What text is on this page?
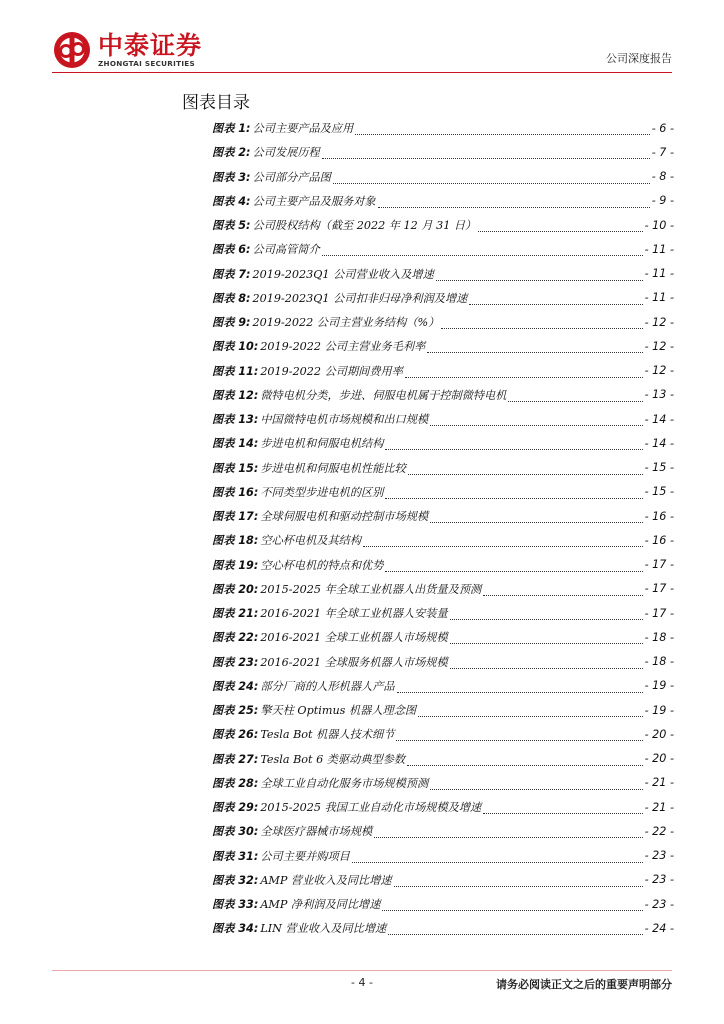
中泰证券
ZHONGTAI SECURITIES	公司深度报告
图表目录
图表 1: 公司主要产品及应用	- 6 -
图表 2: 公司发展历程	- 7 -
图表 3: 公司部分产品图	- 8 -
图表 4: 公司主要产品及服务对象	- 9 -
图表 5: 公司股权结构（截至 2022 年 12 月 31 日）	- 10 -
图表 6: 公司高管简介	- 11 -
图表 7: 2019-2023Q1 公司营业收入及增速	- 11 -
图表 8: 2019-2023Q1 公司扣非归母净利润及增速	- 11 -
图表 9: 2019-2022 公司主营业务结构（%）	- 12 -
图表 10: 2019-2022 公司主营业务毛利率	- 12 -
图表 11: 2019-2022 公司期间费用率	- 12 -
图表 12: 微特电机分类，步进、伺服电机属于控制微特电机	- 13 -
图表 13: 中国微特电机市场规模和出口规模	- 14 -
图表 14: 步进电机和伺服电机结构	- 14 -
图表 15: 步进电机和伺服电机性能比较	- 15 -
图表 16: 不同类型步进电机的区别	- 15 -
图表 17: 全球伺服电机和驱动控制市场规模	- 16 -
图表 18: 空心杯电机及其结构	- 16 -
图表 19: 空心杯电机的特点和优势	- 17 -
图表 20: 2015-2025 年全球工业机器人出货量及预测	- 17 -
图表 21: 2016-2021 年全球工业机器人安装量	- 17 -
图表 22: 2016-2021 全球工业机器人市场规模	- 18 -
图表 23: 2016-2021 全球服务机器人市场规模	- 18 -
图表 24: 部分厂商的人形机器人产品	- 19 -
图表 25: 擎天柱 Optimus 机器人理念图	- 19 -
图表 26: Tesla Bot 机器人技术细节	- 20 -
图表 27: Tesla Bot 6 类驱动典型参数	- 20 -
图表 28: 全球工业自动化服务市场规模预测	- 21 -
图表 29: 2015-2025 我国工业自动化市场规模及增速	- 21 -
图表 30: 全球医疗器械市场规模	- 22 -
图表 31: 公司主要并购项目	- 23 -
图表 32: AMP 营业收入及同比增速	- 23 -
图表 33: AMP 净利润及同比增速	- 23 -
图表 34: LIN 营业收入及同比增速	- 24 -
- 4 -	请务必阅读正文之后的重要声明部分
